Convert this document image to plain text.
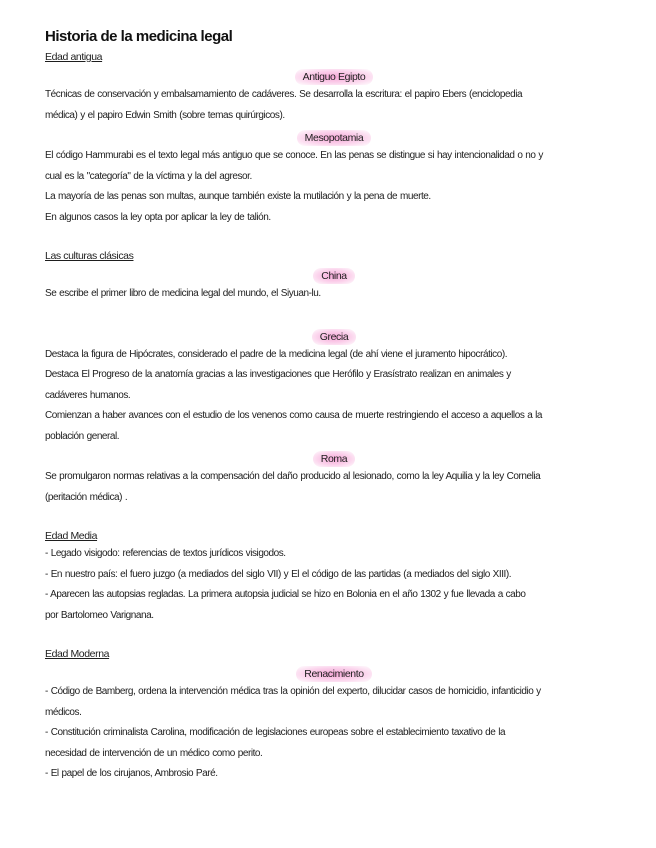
Historia de la medicina legal

Edad antigua

Antiguo Egipto

Técnicas de conservación y embalsamamiento de cadáveres. Se desarrolla la escritura: el papiro Ebers (enciclopedia

médica) y el papiro Edwin Smith (sobre temas quirúrgicos).

Mesopotamia

El código Hammurabi es el texto legal más antiguo que se conoce. En las penas se distingue si hay intencionalidad o no y

cual es la "categoría" de la víctima y la del agresor.

La mayoría de las penas son multas, aunque también existe la mutilación y la pena de muerte.

En algunos casos la ley opta por aplicar la ley de talión.

Las culturas clásicas

China

Se escribe el primer libro de medicina legal del mundo, el Siyuan-lu.

Grecia

Destaca la figura de Hipócrates, considerado el padre de la medicina legal (de ahí viene el juramento hipocrático).

Destaca El Progreso de la anatomía gracias a las investigaciones que Herófilo y Erasístrato realizan en animales y

cadáveres humanos.

Comienzan a haber avances con el estudio de los venenos como causa de muerte restringiendo el acceso a aquellos a la

población general.

Roma

Se promulgaron normas relativas a la compensación del daño producido al lesionado, como la ley Aquilia y la ley Cornelia

(peritación médica) .

Edad Media

- Legado visigodo: referencias de textos jurídicos visigodos.

- En nuestro país: el fuero juzgo (a mediados del siglo VII) y El el código de las partidas (a mediados del siglo XIII).

- Aparecen las autopsias regladas. La primera autopsia judicial se hizo en Bolonia en el año 1302 y fue llevada a cabo

por Bartolomeo Varignana.

Edad Moderna

Renacimiento

- Código de Bamberg, ordena la intervención médica tras la opinión del experto, dilucidar casos de homicidio, infanticidio y

médicos.

- Constitución criminalista Carolina, modificación de legislaciones europeas sobre el establecimiento taxativo de la

necesidad de intervención de un médico como perito.

- El papel de los cirujanos, Ambrosio Paré.
